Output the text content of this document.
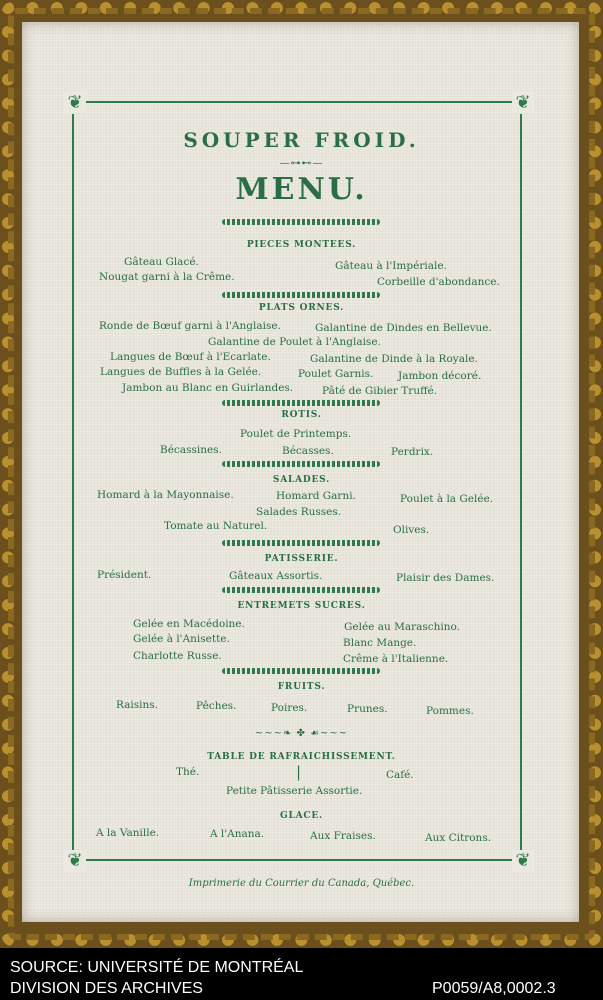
❦	❦
❦	❦
SOUPER FROID.
—⊶⊷—
MENU.
PIECES MONTEES.
Gâteau Glacé.	Gâteau à l'Impériale.
Nougat garni à la Crême.	Corbeille d'abondance.
PLATS ORNES.
Ronde de Bœuf garni à l'Anglaise.	Galantine de Dindes en Bellevue.
Galantine de Poulet à l'Anglaise.
Langues de Bœuf à l'Ecarlate.	Galantine de Dinde à la Royale.
Langues de Buffles à la Gelée.	Poulet Garnis. Jambon décoré.
Jambon au Blanc en Guirlandes.	Pâté de Gibier Truffé.
ROTIS.
Poulet de Printemps.
Bécassines.	Bécasses.	Perdrix.
SALADES.
Homard à la Mayonnaise.	Homard Garni.	Poulet à la Gelée.
Salades Russes.
Tomate au Naturel.	Olives.
PATISSERIE.
Président.	Gâteaux Assortis.	Plaisir des Dames.
ENTREMETS SUCRES.
Gelée en Macédoine.	Gelée au Maraschino.
Gelée à l'Anisette.	Blanc Mange.
Charlotte Russe.	Crême à l'Italienne.
FRUITS.
Raisins.	Pêches.	Poires.	Prunes.	Pommes.
~~~❧ ✤ ☙~~~
TABLE DE RAFRAICHISSEMENT.
Thé.	|	Café.
Petite Pâtisserie Assortie.
GLACE.
A la Vanille.	A l'Anana.	Aux Fraises.	Aux Citrons.
Imprimerie du Courrier du Canada, Québec.
SOURCE: UNIVERSITÉ DE MONTRÉAL
DIVISION DES ARCHIVES	P0059/A8,0002.3
